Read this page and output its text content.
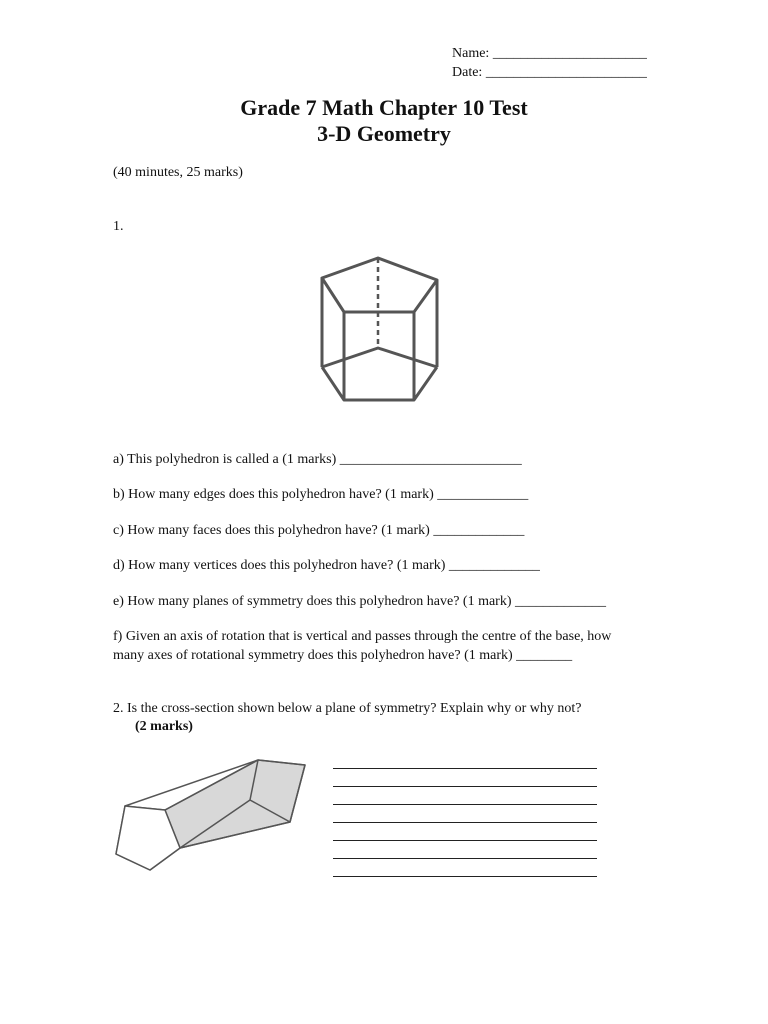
Name: ______________________
Date: _______________________
Grade 7 Math Chapter 10 Test
3-D Geometry
(40 minutes, 25 marks)
1.
a) This polyhedron is called a (1 marks) __________________________
b) How many edges does this polyhedron have? (1 mark) _____________
c) How many faces does this polyhedron have? (1 mark) _____________
d) How many vertices does this polyhedron have? (1 mark) _____________
e) How many planes of symmetry does this polyhedron have? (1 mark) _____________
f) Given an axis of rotation that is vertical and passes through the centre of the base, how
many axes of rotational symmetry does this polyhedron have? (1 mark) ________
2. Is the cross-section shown below a plane of symmetry? Explain why or why not?
(2 marks)
